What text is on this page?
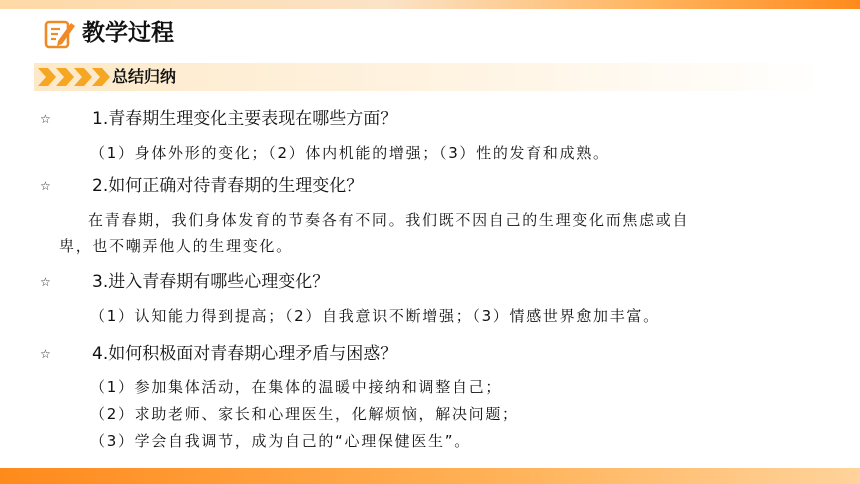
教学过程
总结归纳
☆ 1.青春期生理变化主要表现在哪些方面？
（1）身体外形的变化；（2）体内机能的增强；（3）性的发育和成熟。
☆ 2.如何正确对待青春期的生理变化？
在青春期，我们身体发育的节奏各有不同。我们既不因自己的生理变化而焦虑或自
卑，也不嘲弄他人的生理变化。
☆ 3.进入青春期有哪些心理变化？
（1）认知能力得到提高；（2）自我意识不断增强；（3）情感世界愈加丰富。
☆ 4.如何积极面对青春期心理矛盾与困惑？
（1）参加集体活动，在集体的温暖中接纳和调整自己；
（2）求助老师、家长和心理医生，化解烦恼，解决问题；
（3）学会自我调节，成为自己的“心理保健医生”。
